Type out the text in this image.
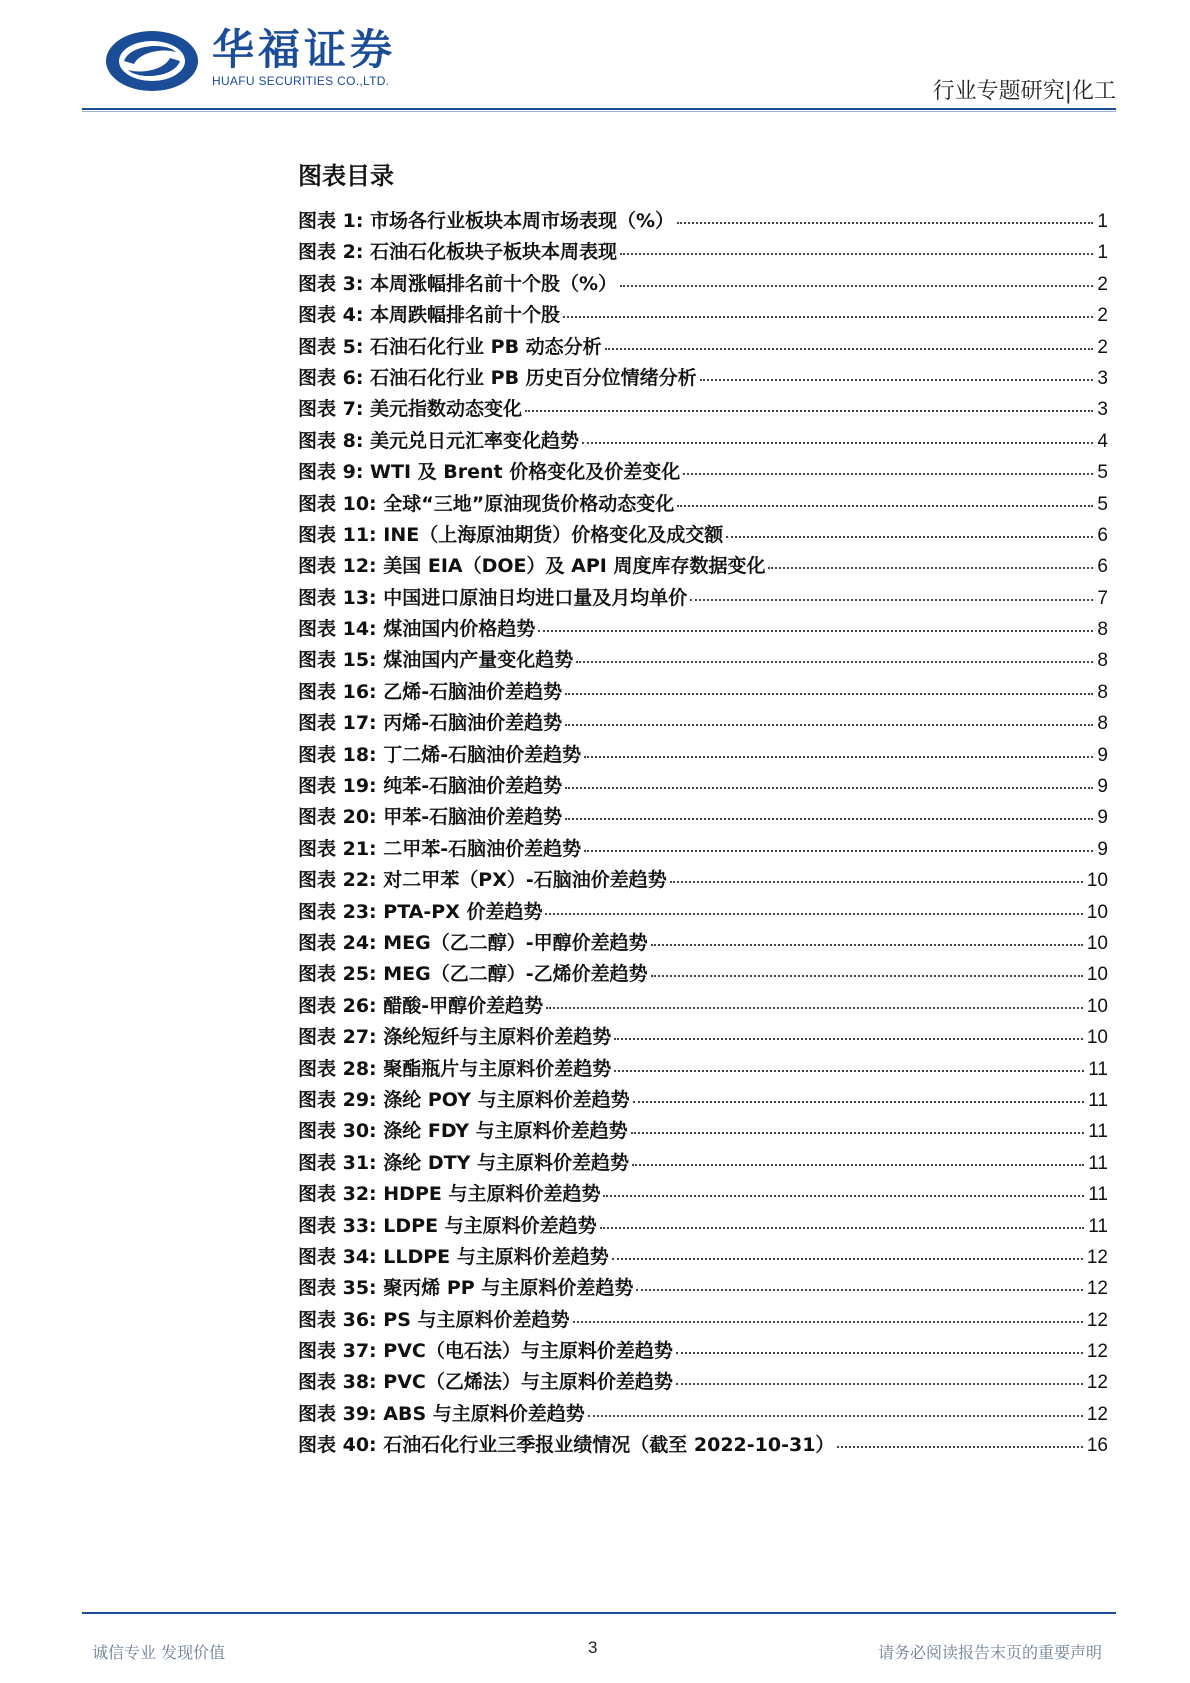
华福证券
HUAFU SECURITIES CO.,LTD.	行业专题研究|化工
图表目录
图表 1: 市场各行业板块本周市场表现（%）	1
图表 2: 石油石化板块子板块本周表现	1
图表 3: 本周涨幅排名前十个股（%）	2
图表 4: 本周跌幅排名前十个股	2
图表 5: 石油石化行业 PB 动态分析	2
图表 6: 石油石化行业 PB 历史百分位情绪分析	3
图表 7: 美元指数动态变化	3
图表 8: 美元兑日元汇率变化趋势	4
图表 9: WTI 及 Brent 价格变化及价差变化	5
图表 10: 全球“三地”原油现货价格动态变化	5
图表 11: INE（上海原油期货）价格变化及成交额	6
图表 12: 美国 EIA（DOE）及 API 周度库存数据变化	6
图表 13: 中国进口原油日均进口量及月均单价	7
图表 14: 煤油国内价格趋势	8
图表 15: 煤油国内产量变化趋势	8
图表 16: 乙烯-石脑油价差趋势	8
图表 17: 丙烯-石脑油价差趋势	8
图表 18: 丁二烯-石脑油价差趋势	9
图表 19: 纯苯-石脑油价差趋势	9
图表 20: 甲苯-石脑油价差趋势	9
图表 21: 二甲苯-石脑油价差趋势	9
图表 22: 对二甲苯（PX）-石脑油价差趋势	10
图表 23: PTA-PX 价差趋势	10
图表 24: MEG（乙二醇）-甲醇价差趋势	10
图表 25: MEG（乙二醇）-乙烯价差趋势	10
图表 26: 醋酸-甲醇价差趋势	10
图表 27: 涤纶短纤与主原料价差趋势	10
图表 28: 聚酯瓶片与主原料价差趋势	11
图表 29: 涤纶 POY 与主原料价差趋势	11
图表 30: 涤纶 FDY 与主原料价差趋势	11
图表 31: 涤纶 DTY 与主原料价差趋势	11
图表 32: HDPE 与主原料价差趋势	11
图表 33: LDPE 与主原料价差趋势	11
图表 34: LLDPE 与主原料价差趋势	12
图表 35: 聚丙烯 PP 与主原料价差趋势	12
图表 36: PS 与主原料价差趋势	12
图表 37: PVC（电石法）与主原料价差趋势	12
图表 38: PVC（乙烯法）与主原料价差趋势	12
图表 39: ABS 与主原料价差趋势	12
图表 40: 石油石化行业三季报业绩情况（截至 2022-10-31）	16
诚信专业 发现价值	3	请务必阅读报告末页的重要声明
